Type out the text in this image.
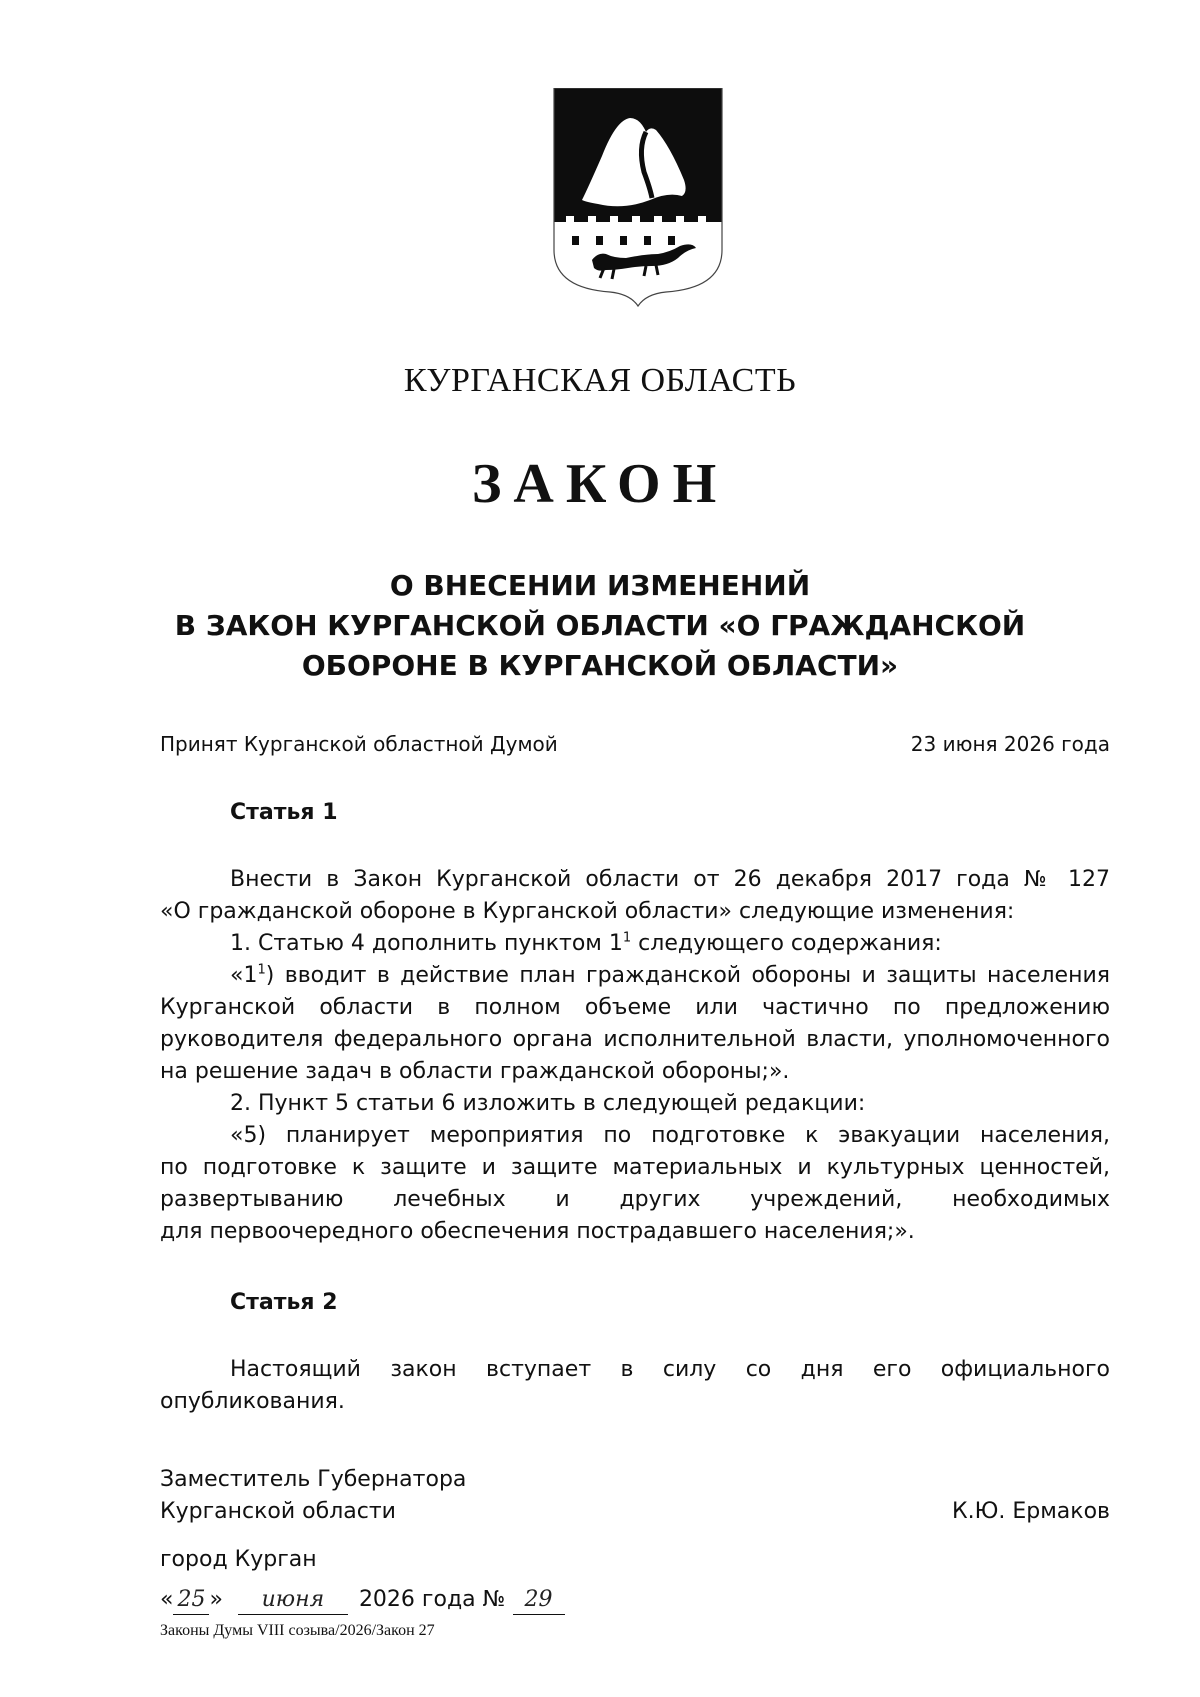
КУРГАНСКАЯ ОБЛАСТЬ
ЗАКОН
О ВНЕСЕНИИ ИЗМЕНЕНИЙ
В ЗАКОН КУРГАНСКОЙ ОБЛАСТИ «О ГРАЖДАНСКОЙ
ОБОРОНЕ В КУРГАНСКОЙ ОБЛАСТИ»
Принят Курганской областной Думой	23 июня 2026 года
Статья 1
Внести в Закон Курганской области от 26 декабря 2017 года № 127
«О гражданской обороне в Курганской области» следующие изменения:
1. Статью 4 дополнить пунктом $1^1$ следующего содержания:
«$1^1$) вводит в действие план гражданской обороны и защиты населения
Курганской области в полном объеме или частично по предложению
руководителя федерального органа исполнительной власти, уполномоченного
на решение задач в области гражданской обороны;».
2. Пункт 5 статьи 6 изложить в следующей редакции:
«5) планирует мероприятия по подготовке к эвакуации населения,
по подготовке к защите и защите материальных и культурных ценностей,
развертыванию лечебных и других учреждений, необходимых
для первоочередного обеспечения пострадавшего населения;».
Статья 2
Настоящий закон вступает в силу со дня его официального
опубликования.
Заместитель Губернатора
Курганской области	К.Ю. Ермаков
город Курган
« 25 » июня 2026 года № 29
Законы Думы VIII созыва/2026/Закон 27
